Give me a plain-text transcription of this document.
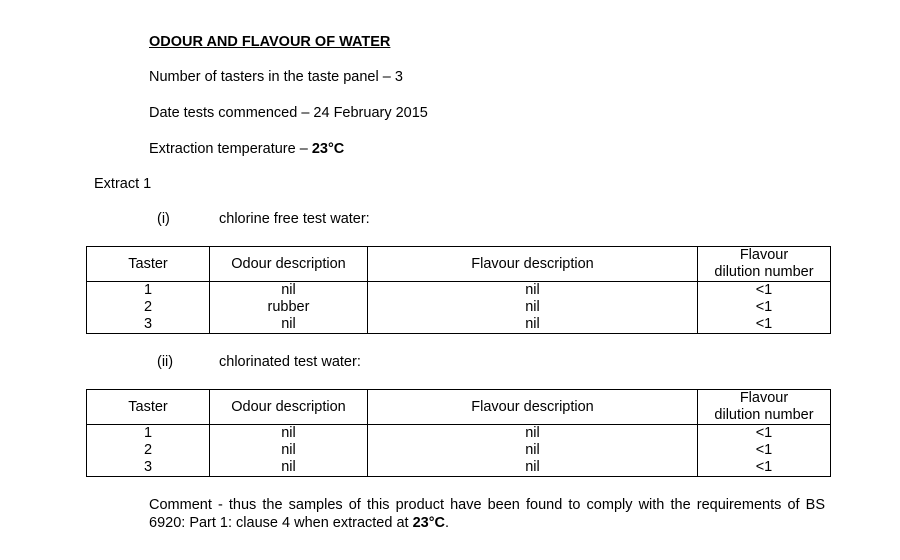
ODOUR AND FLAVOUR OF WATER
Number of tasters in the taste panel – 3
Date tests commenced – 24 February 2015
Extraction temperature – 23°C
Extract 1
(i)	chlorine free test water:
Taster	Odour description	Flavour description	Flavour
dilution number
1	nil	nil	<1
2	rubber	nil	<1
3	nil	nil	<1
(ii)	chlorinated test water:
Taster	Odour description	Flavour description	Flavour
dilution number
1	nil	nil	<1
2	nil	nil	<1
3	nil	nil	<1
Comment - thus the samples of this product have been found to comply with the requirements of BS 6920: Part 1: clause 4 when extracted at 23°C.
